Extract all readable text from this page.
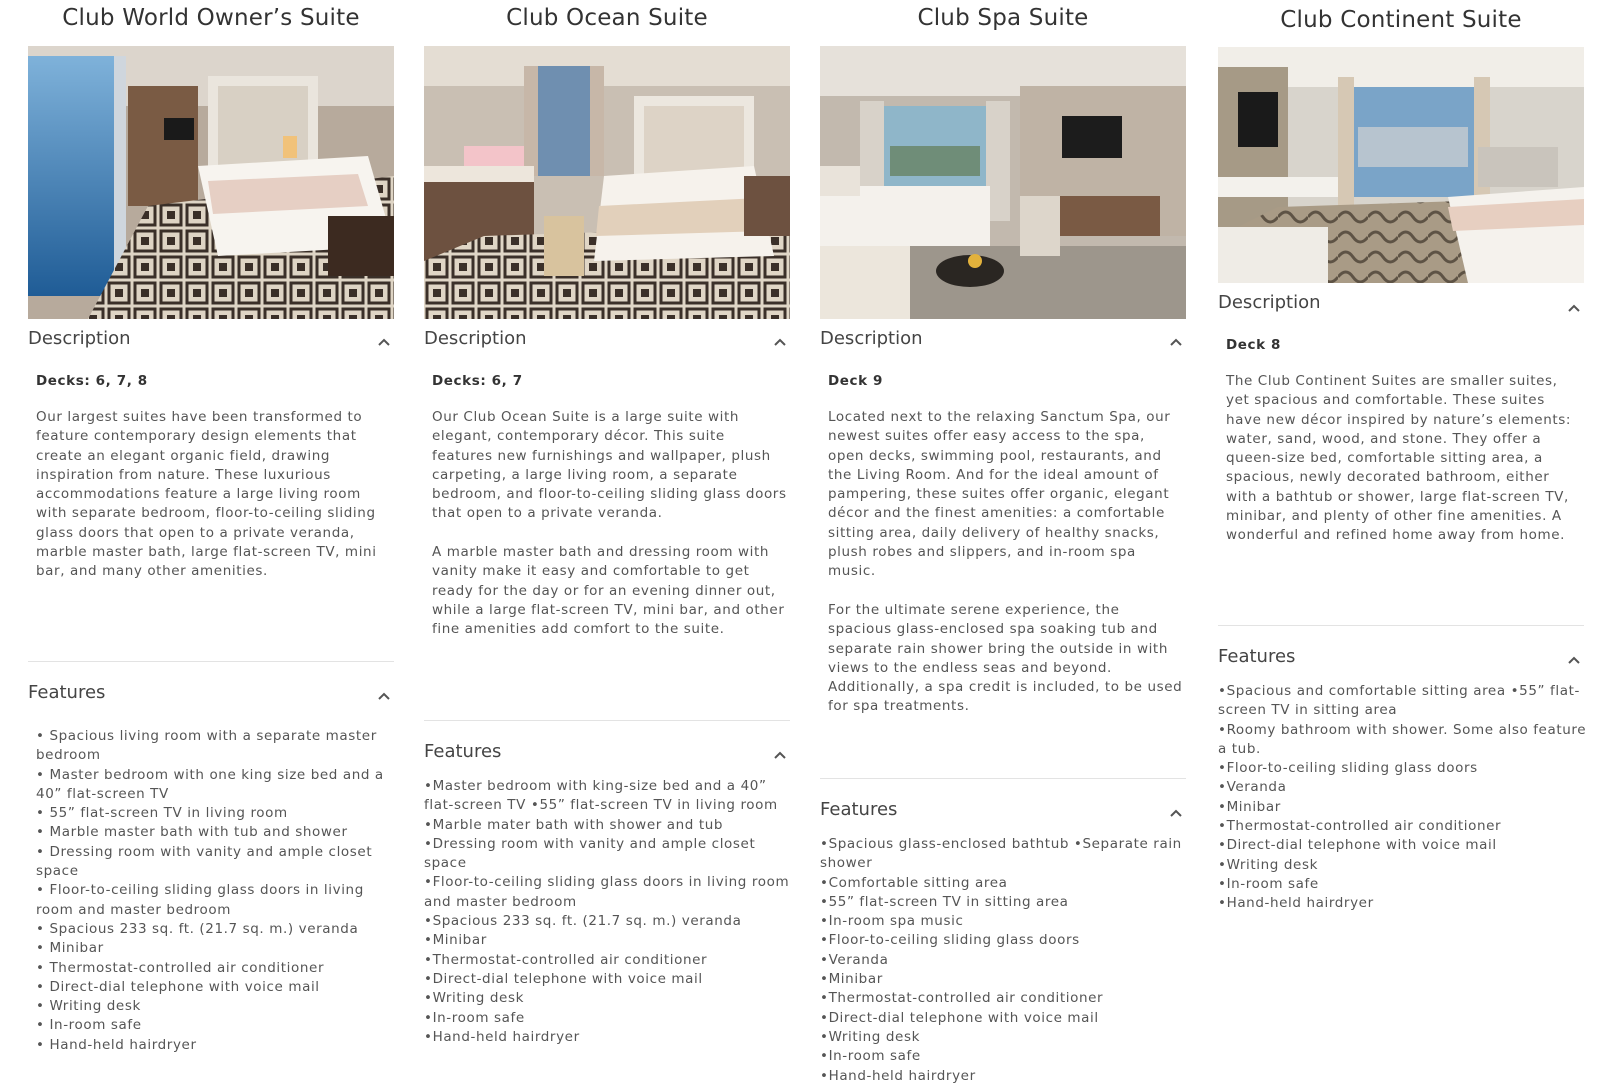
Club World Owner’s Suite
Description
Decks: 6, 7, 8

Our largest suites have been transformed to feature contemporary design elements that create an elegant organic field, drawing inspiration from nature. These luxurious accommodations feature a large living room with separate bedroom, floor-to-ceiling sliding glass doors that open to a private veranda, marble master bath, large flat-screen TV, mini bar, and many other amenities.

Features
• Spacious living room with a separate master bedroom
• Master bedroom with one king size bed and a 40” flat-screen TV
• 55” flat-screen TV in living room
• Marble master bath with tub and shower
• Dressing room with vanity and ample closet space
• Floor-to-ceiling sliding glass doors in living room and master bedroom
• Spacious 233 sq. ft. (21.7 sq. m.) veranda
• Minibar
• Thermostat-controlled air conditioner
• Direct-dial telephone with voice mail
• Writing desk
• In-room safe
• Hand-held hairdryer
Club Ocean Suite
Description
Decks: 6, 7

Our Club Ocean Suite is a large suite with elegant, contemporary décor. This suite features new furnishings and wallpaper, plush carpeting, a large living room, a separate bedroom, and floor-to-ceiling sliding glass doors that open to a private veranda.

A marble master bath and dressing room with vanity make it easy and comfortable to get ready for the day or for an evening dinner out, while a large flat-screen TV, mini bar, and other fine amenities add comfort to the suite.

Features
•Master bedroom with king-size bed and a 40” flat-screen TV •55” flat-screen TV in living room
•Marble mater bath with shower and tub
•Dressing room with vanity and ample closet space
•Floor-to-ceiling sliding glass doors in living room and master bedroom
•Spacious 233 sq. ft. (21.7 sq. m.) veranda
•Minibar
•Thermostat-controlled air conditioner
•Direct-dial telephone with voice mail
•Writing desk
•In-room safe
•Hand-held hairdryer
Club Spa Suite
Description
Deck 9

Located next to the relaxing Sanctum Spa, our newest suites offer easy access to the spa, open decks, swimming pool, restaurants, and the Living Room. And for the ideal amount of pampering, these suites offer organic, elegant décor and the finest amenities: a comfortable sitting area, daily delivery of healthy snacks, plush robes and slippers, and in-room spa music.

For the ultimate serene experience, the spacious glass-enclosed spa soaking tub and separate rain shower bring the outside in with views to the endless seas and beyond. Additionally, a spa credit is included, to be used for spa treatments.

Features
•Spacious glass-enclosed bathtub •Separate rain shower
•Comfortable sitting area
•55” flat-screen TV in sitting area
•In-room spa music
•Floor-to-ceiling sliding glass doors
•Veranda
•Minibar
•Thermostat-controlled air conditioner
•Direct-dial telephone with voice mail
•Writing desk
•In-room safe
•Hand-held hairdryer
Club Continent Suite
Description
Deck 8

The Club Continent Suites are smaller suites, yet spacious and comfortable. These suites have new décor inspired by nature’s elements: water, sand, wood, and stone. They offer a queen-size bed, comfortable sitting area, a spacious, newly decorated bathroom, either with a bathtub or shower, large flat-screen TV, minibar, and plenty of other fine amenities. A wonderful and refined home away from home.

Features
•Spacious and comfortable sitting area •55” flat-screen TV in sitting area
•Roomy bathroom with shower. Some also feature a tub.
•Floor-to-ceiling sliding glass doors
•Veranda
•Minibar
•Thermostat-controlled air conditioner
•Direct-dial telephone with voice mail
•Writing desk
•In-room safe
•Hand-held hairdryer
